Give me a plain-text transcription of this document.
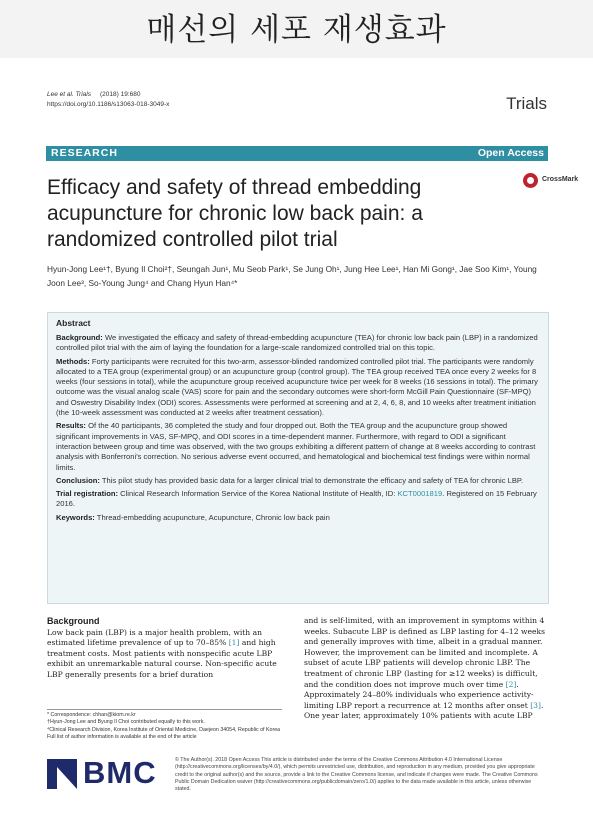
매선의 세포 재생효과
Lee et al. Trials (2018) 19:680
https://doi.org/10.1186/s13063-018-3049-x	Trials
RESEARCH	Open Access
Efficacy and safety of thread embedding acupuncture for chronic low back pain: a randomized controlled pilot trial
CrossMark
Hyun-Jong Lee¹†, Byung Il Choi²†, Seungah Jun¹, Mu Seob Park¹, Se Jung Oh¹, Jung Hee Lee¹, Han Mi Gong¹, Jae Soo Kim¹, Young Joon Lee³, So-Young Jung⁴ and Chang Hyun Han⁴*
Abstract

Background: We investigated the efficacy and safety of thread-embedding acupuncture (TEA) for chronic low back pain (LBP) in a randomized controlled pilot trial with the aim of laying the foundation for a large-scale randomized controlled trial on this topic.

Methods: Forty participants were recruited for this two-arm, assessor-blinded randomized controlled pilot trial. The participants were randomly allocated to a TEA group (experimental group) or an acupuncture group (control group). The TEA group received TEA once every 2 weeks for 8 weeks (four sessions in total), while the acupuncture group received acupuncture twice per week for 8 weeks (16 sessions in total). The primary outcome was the visual analog scale (VAS) score for pain and the secondary outcomes were short-form McGill Pain Questionnaire (SF-MPQ) and Oswestry Disability Index (ODI) scores. Assessments were performed at screening and at 2, 4, 6, 8, and 10 weeks after treatment initiation (the 10-week assessment was conducted at 2 weeks after treatment cessation).

Results: Of the 40 participants, 36 completed the study and four dropped out. Both the TEA group and the acupuncture group showed significant improvements in VAS, SF-MPQ, and ODI scores in a time-dependent manner. Furthermore, with regard to ODI a significant interaction between group and time was observed, with the two groups exhibiting a different pattern of change at 8 weeks according to contrast analysis with Bonferroni's correction. No serious adverse event occurred, and hematological and biochemical test findings were within normal limits.

Conclusion: This pilot study has provided basic data for a larger clinical trial to demonstrate the efficacy and safety of TEA for chronic LBP.

Trial registration: Clinical Research Information Service of the Korea National Institute of Health, ID: KCT0001819. Registered on 15 February 2016.

Keywords: Thread-embedding acupuncture, Acupuncture, Chronic low back pain

Background
Low back pain (LBP) is a major health problem, with an estimated lifetime prevalence of up to 70–85% [1] and high treatment costs. Most patients with nonspecific acute LBP exhibit an unremarkable natural course. Non-specific acute LBP generally presents for a brief duration
and is self-limited, with an improvement in symptoms within 4 weeks. Subacute LBP is defined as LBP lasting for 4–12 weeks and generally improves with time, albeit in a gradual manner. However, the improvement can be limited and incomplete. A subset of acute LBP patients will develop chronic LBP. The treatment of chronic LBP (lasting for ≥12 weeks) is difficult, and the condition does not improve much over time [2]. Approximately 24–80% individuals who experience activity-limiting LBP report a recurrence at 12 months after onset [3]. One year later, approximately 10% patients with acute LBP
* Correspondence: chhan@kiom.re.kr
†Hyun-Jong Lee and Byung Il Choi contributed equally to this work.
⁴Clinical Research Division, Korea Institute of Oriental Medicine, Daejeon 34054, Republic of Korea
Full list of author information is available at the end of the article
BMC	© The Author(s). 2018 Open Access This article is distributed under the terms of the Creative Commons Attribution 4.0 International License (http://creativecommons.org/licenses/by/4.0/), which permits unrestricted use, distribution, and reproduction in any medium, provided you give appropriate credit to the original author(s) and the source, provide a link to the Creative Commons license, and indicate if changes were made. The Creative Commons Public Domain Dedication waiver (http://creativecommons.org/publicdomain/zero/1.0/) applies to the data made available in this article, unless otherwise stated.
